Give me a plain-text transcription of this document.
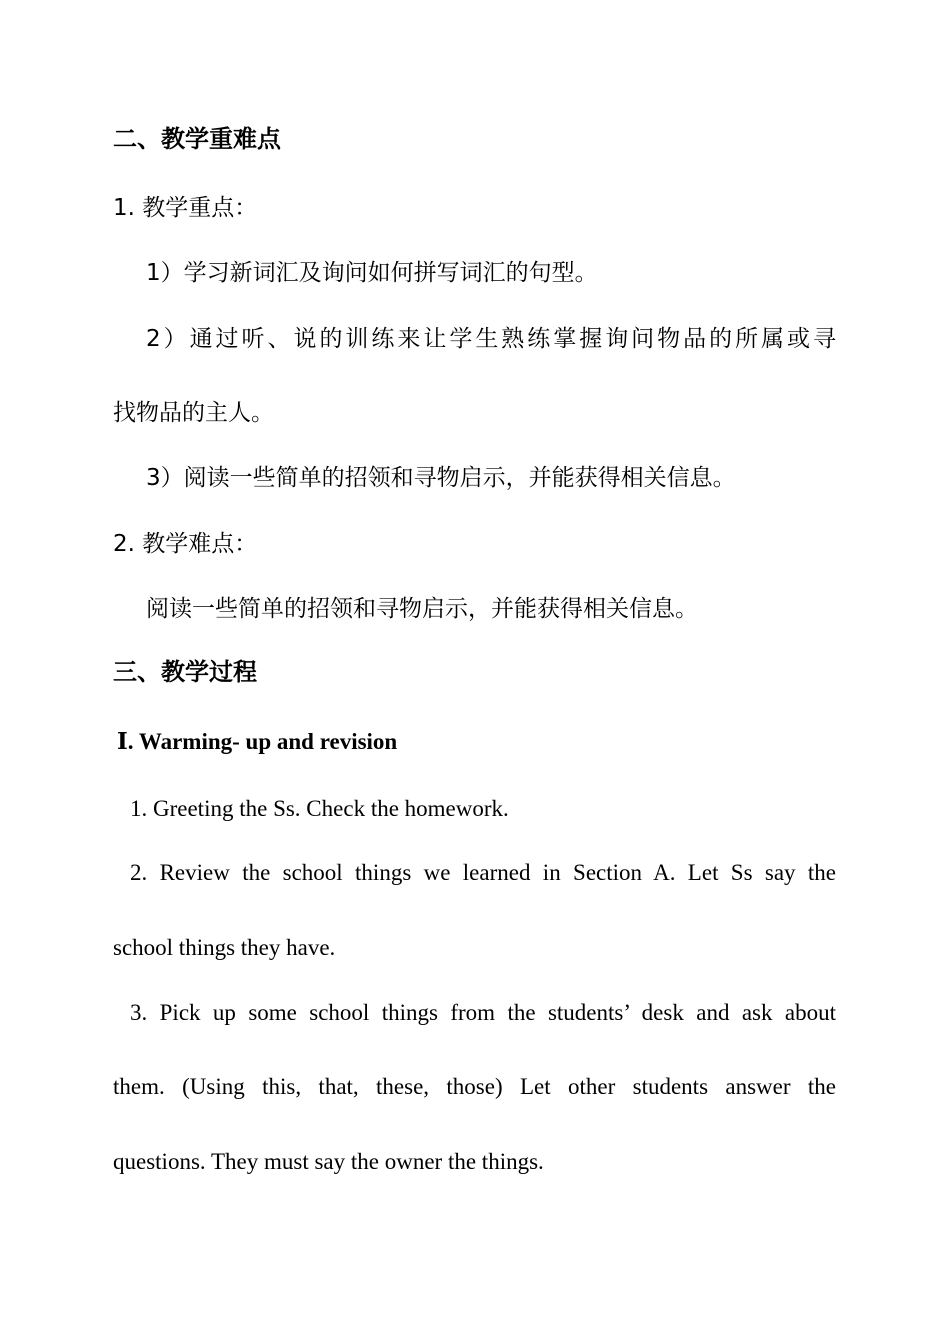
二、教学重难点
1. 教学重点：
1）学习新词汇及询问如何拼写词汇的句型。
2）通过听、说的训练来让学生熟练掌握询问物品的所属或寻
找物品的主人。
3）阅读一些简单的招领和寻物启示，并能获得相关信息。
2. 教学难点：
阅读一些简单的招领和寻物启示，并能获得相关信息。
三、教学过程
Ⅰ. Warming- up and revision
1. Greeting the Ss. Check the homework.
2. Review the school things we learned in Section A. Let Ss say the
school things they have.
3. Pick up some school things from the students’ desk and ask about
them. (Using this, that, these, those) Let other students answer the
questions. They must say the owner the things.
